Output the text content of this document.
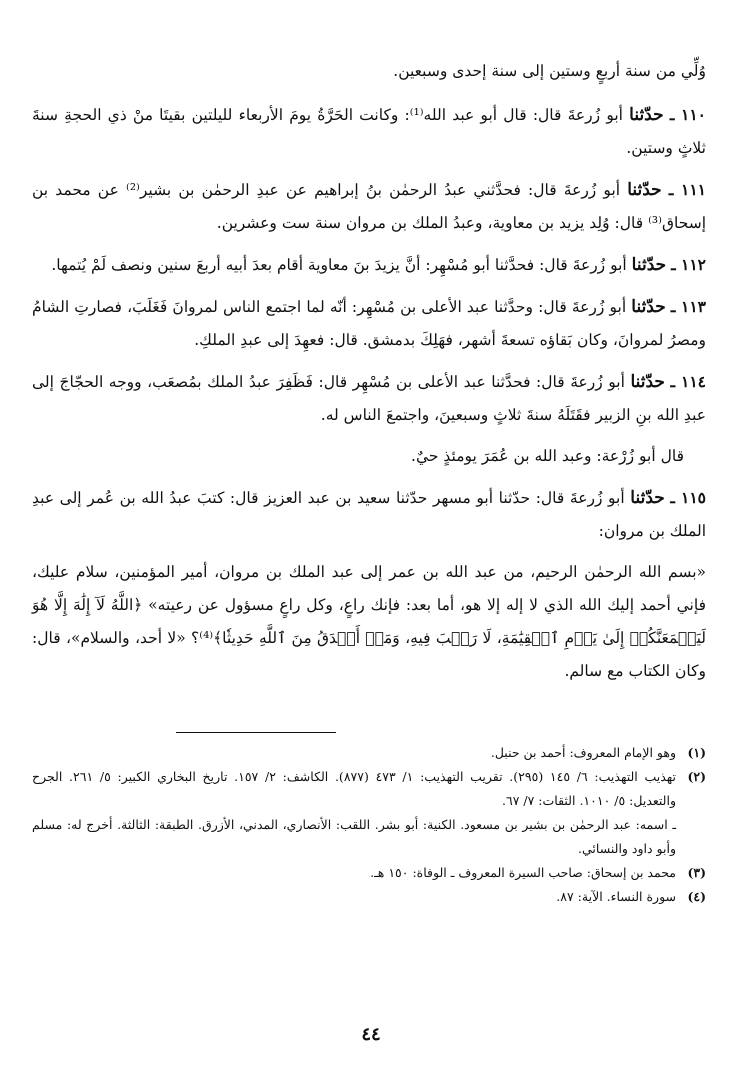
وُلِّي من سنة أربعٍ وستين إلى سنة إحدى وسبعين.

١١٠ ـ حدّثنا أبو زُرعةَ قال: قال أبو عبد الله⁽¹⁾: وكانت الحَرَّةُ يومَ الأربعاء لليلتين بقيتَا منْ ذي الحجةِ سنةَ ثلاثٍ وستين.

١١١ ـ حدّثنا أبو زُرعةَ قال: فحدَّثني عبدُ الرحمٰن بنُ إبراهيم عن عبدِ الرحمٰن بن بشير⁽²⁾ عن محمد بن إسحاق⁽³⁾ قال: وُلِد يزيد بن معاوية، وعبدُ الملك بن مروان سنة ست وعشرين.

١١٢ ـ حدّثنا أبو زُرعةَ قال: فحدَّثنا أبو مُسْهِر: أنَّ يزيدَ بنَ معاوية أقام بعدَ أبيه أربعَ سنين ونصف لَمْ يُتمها.

١١٣ ـ حدّثنا أبو زُرعةَ قال: وحدَّثنا عبد الأعلى بن مُسْهِر: أنّه لما اجتمع الناس لمروانَ فَغَلَبَ، فصارتِ الشامُ ومصرُ لمروانَ، وكان بَقاؤه تسعةَ أشهر، فهَلِكَ بدمشق. قال: فعهِدَ إلى عبدِ الملكِ.

١١٤ ـ حدّثنا أبو زُرعةَ قال: فحدَّثنا عبد الأعلى بن مُسْهِر قال: فَظَفِرَ عبدُ الملك بمُصعَب، ووجه الحجّاجَ إلى عبدِ الله بنِ الزبير فقَتَلَهُ سنةَ ثلاثٍ وسبعينَ، واجتمعَ الناس له.

قال أبو زُرْعة: وعبد الله بن عُمَرَ يومئذٍ حيٌ.

١١٥ ـ حدّثنا أبو زُرعةَ قال: حدّثنا أبو مسهر حدّثنا سعيد بن عبد العزيز قال: كتبَ عبدُ الله بن عُمر إلى عبدِ الملك بن مروان:

«بسم الله الرحمٰن الرحيم، من عبد الله بن عمر إلى عبد الملك بن مروان، أمير المؤمنين، سلام عليك، فإني أحمد إليك الله الذي لا إله إلا هو، أما بعد: فإنك راعٍ، وكل راعٍ مسؤول عن رعيته» ﴿اللَّهُ لَآ إِلَٰهَ إِلَّا هُوَ لَيَجۡمَعَنَّكُمۡ إِلَىٰ يَوۡمِ ٱلۡقِيَٰمَةِ، لَا رَيۡبَ فِيهِ، وَمَنۡ أَصۡدَقُ مِنَ ٱللَّهِ حَدِيثٗا﴾⁽⁴⁾؟ «لا أحد، والسلام»، قال: وكان الكتاب مع سالم.

(١)
وهو الإمام المعروف: أحمد بن حنبل.
(٢)
تهذيب التهذيب: ٦/ ١٤٥ (٢٩٥). تقريب التهذيب: ١/ ٤٧٣ (٨٧٧). الكاشف: ٢/ ١٥٧. تاريخ البخاري الكبير: ٥/ ٢٦١. الجرح والتعديل: ٥/ ١٠١٠. الثقات: ٧/ ٦٧.
ـ اسمه: عبد الرحمٰن بن بشير بن مسعود. الكنية: أبو بشر. اللقب: الأنصاري، المدني، الأزرق. الطبقة: الثالثة. أخرج له: مسلم وأبو داود والنسائي.
(٣)
محمد بن إسحاق: صاحب السيرة المعروف ـ الوفاة: ١٥٠ هـ.
(٤)
سورة النساء. الآية: ٨٧.
٤٤
